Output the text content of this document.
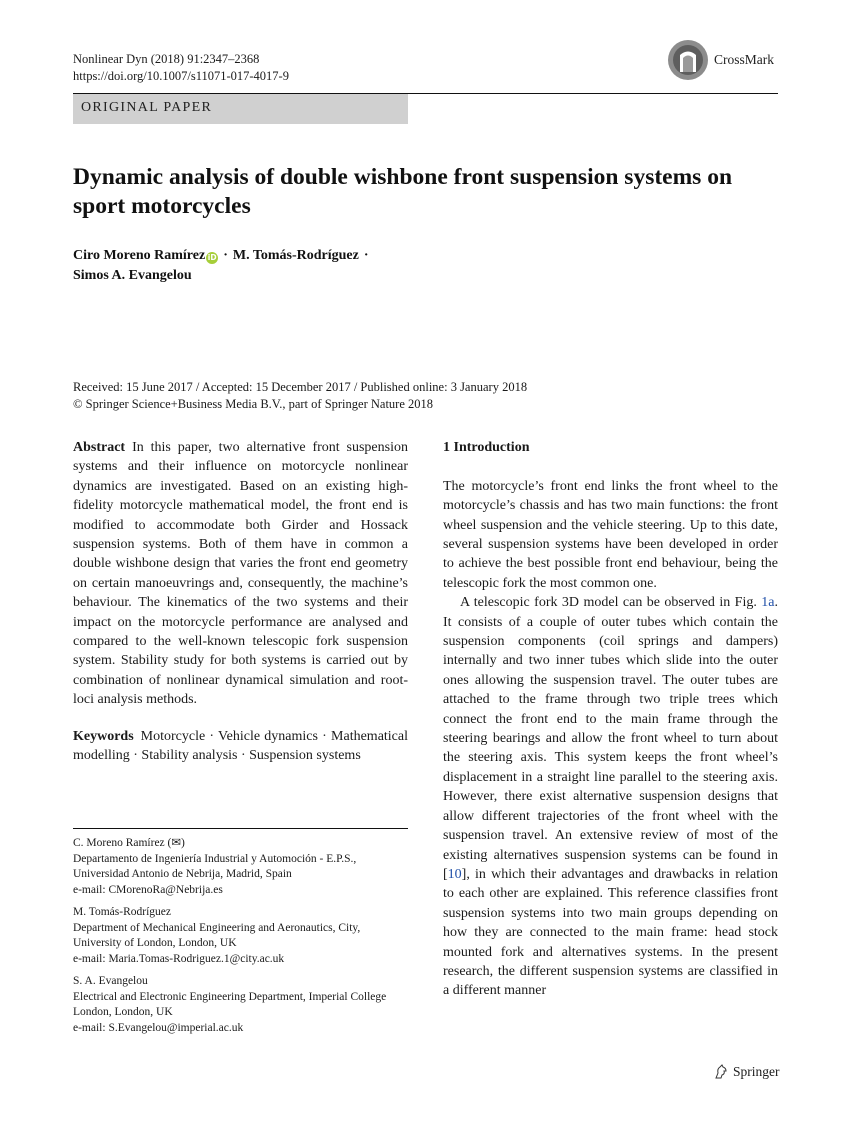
Nonlinear Dyn (2018) 91:2347–2368
https://doi.org/10.1007/s11071-017-4017-9
CrossMark
ORIGINAL PAPER
Dynamic analysis of double wishbone front suspension systems on sport motorcycles
Ciro Moreno Ramírez iD · M. Tomás-Rodríguez ·
Simos A. Evangelou
Received: 15 June 2017 / Accepted: 15 December 2017 / Published online: 3 January 2018
© Springer Science+Business Media B.V., part of Springer Nature 2018

Abstract In this paper, two alternative front suspension systems and their influence on motorcycle nonlinear dynamics are investigated. Based on an existing high-fidelity motorcycle mathematical model, the front end is modified to accommodate both Girder and Hossack suspension systems. Both of them have in common a double wishbone design that varies the front end geometry on certain manoeuvrings and, consequently, the machine’s behaviour. The kinematics of the two systems and their impact on the motorcycle performance are analysed and compared to the well-known telescopic fork suspension system. Stability study for both systems is carried out by combination of nonlinear dynamical simulation and root-loci analysis methods.

Keywords Motorcycle · Vehicle dynamics · Mathematical modelling · Stability analysis · Suspension systems

C. Moreno Ramírez (✉)
Departamento de Ingeniería Industrial y Automoción - E.P.S., Universidad Antonio de Nebrija, Madrid, Spain
e-mail: CMorenoRa@Nebrija.es
M. Tomás-Rodríguez
Department of Mechanical Engineering and Aeronautics, City, University of London, London, UK
e-mail: Maria.Tomas-Rodriguez.1@city.ac.uk
S. A. Evangelou
Electrical and Electronic Engineering Department, Imperial College London, London, UK
e-mail: S.Evangelou@imperial.ac.uk
1 Introduction

The motorcycle’s front end links the front wheel to the motorcycle’s chassis and has two main functions: the front wheel suspension and the vehicle steering. Up to this date, several suspension systems have been developed in order to achieve the best possible front end behaviour, being the telescopic fork the most common one.

A telescopic fork 3D model can be observed in Fig. 1a. It consists of a couple of outer tubes which contain the suspension components (coil springs and dampers) internally and two inner tubes which slide into the outer ones allowing the suspension travel. The outer tubes are attached to the frame through two triple trees which connect the front end to the main frame through the steering bearings and allow the front wheel to turn about the steering axis. This system keeps the front wheel’s displacement in a straight line parallel to the steering axis. However, there exist alternative suspension designs that allow different trajectories of the front wheel with the suspension travel. An extensive review of most of the existing alternatives suspension systems can be found in [10], in which their advantages and drawbacks in relation to each other are explained. This reference classifies front suspension systems into two main groups depending on how they are connected to the main frame: head stock mounted fork and alternatives systems. In the present research, the different suspension systems are classified in a different manner

Springer
